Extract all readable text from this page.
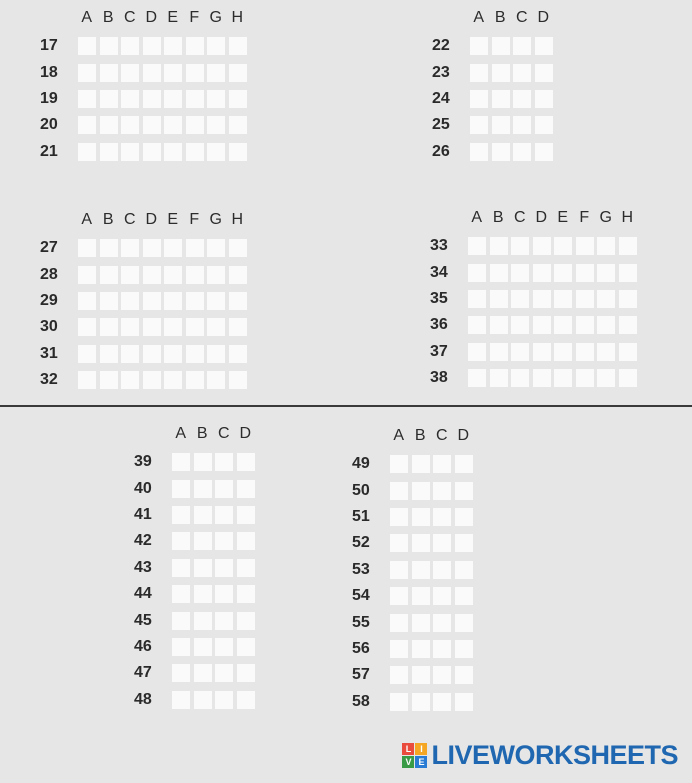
A B C D E F G H
17
18
19
20
21
A B C D
22
23
24
25
26
A B C D E F G H
27
28
29
30
31
32
A B C D E F G H
33
34
35
36
37
38
A B C D
39
40
41
42
43
44
45
46
47
48
A B C D
49
50
51
52
53
54
55
56
57
58
L I
V E LIVEWORKSHEETS
